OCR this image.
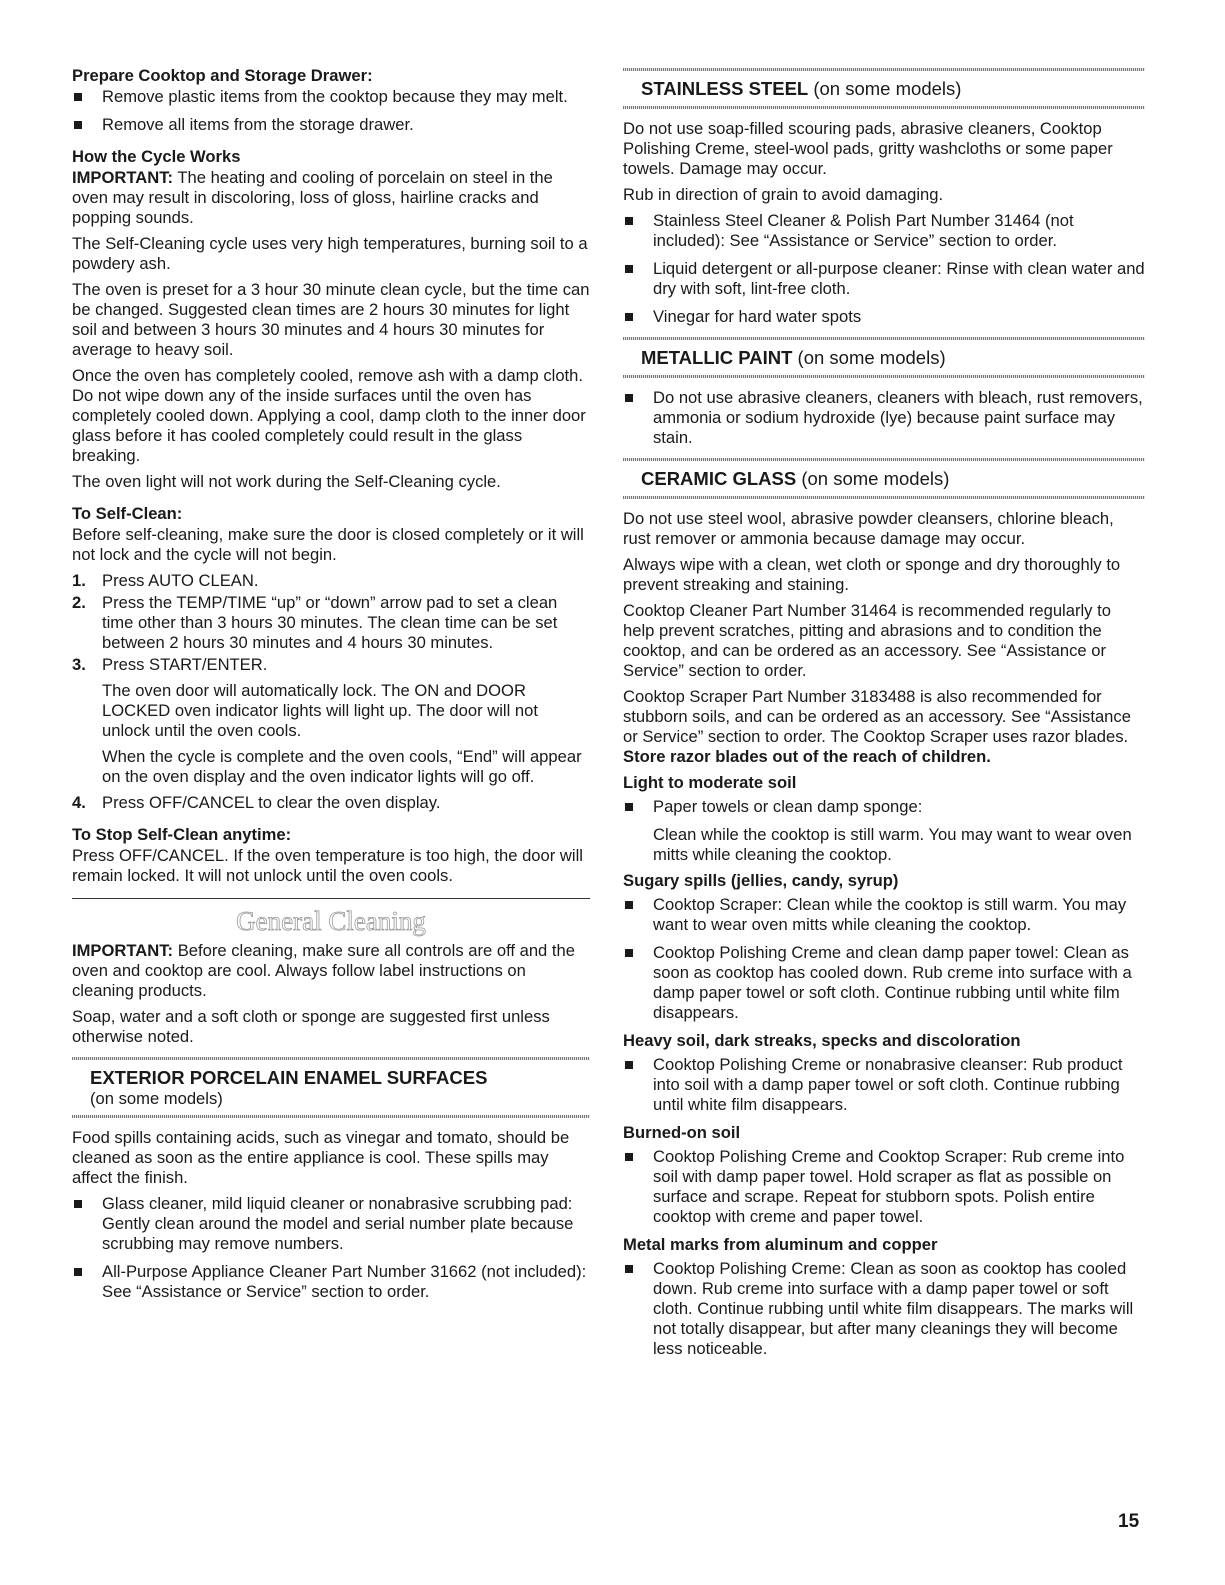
Prepare Cooktop and Storage Drawer:
Remove plastic items from the cooktop because they may melt.
Remove all items from the storage drawer.
How the Cycle Works

IMPORTANT: The heating and cooling of porcelain on steel in the oven may result in discoloring, loss of gloss, hairline cracks and popping sounds.

The Self-Cleaning cycle uses very high temperatures, burning soil to a powdery ash.

The oven is preset for a 3 hour 30 minute clean cycle, but the time can be changed. Suggested clean times are 2 hours 30 minutes for light soil and between 3 hours 30 minutes and 4 hours 30 minutes for average to heavy soil.

Once the oven has completely cooled, remove ash with a damp cloth. Do not wipe down any of the inside surfaces until the oven has completely cooled down. Applying a cool, damp cloth to the inner door glass before it has cooled completely could result in the glass breaking.

The oven light will not work during the Self-Cleaning cycle.

To Self-Clean:

Before self-cleaning, make sure the door is closed completely or it will not lock and the cycle will not begin.

1. Press AUTO CLEAN.
2. Press the TEMP/TIME “up” or “down” arrow pad to set a clean time other than 3 hours 30 minutes. The clean time can be set between 2 hours 30 minutes and 4 hours 30 minutes.
3. Press START/ENTER.

The oven door will automatically lock. The ON and DOOR LOCKED oven indicator lights will light up. The door will not unlock until the oven cools.

When the cycle is complete and the oven cools, “End” will appear on the oven display and the oven indicator lights will go off.

4. Press OFF/CANCEL to clear the oven display.
To Stop Self-Clean anytime:

Press OFF/CANCEL. If the oven temperature is too high, the door will remain locked. It will not unlock until the oven cools.

General Cleaning

IMPORTANT: Before cleaning, make sure all controls are off and the oven and cooktop are cool. Always follow label instructions on cleaning products.

Soap, water and a soft cloth or sponge are suggested first unless otherwise noted.

EXTERIOR PORCELAIN ENAMEL SURFACES
(on some models)

Food spills containing acids, such as vinegar and tomato, should be cleaned as soon as the entire appliance is cool. These spills may affect the finish.

Glass cleaner, mild liquid cleaner or nonabrasive scrubbing pad: Gently clean around the model and serial number plate because scrubbing may remove numbers.
All-Purpose Appliance Cleaner Part Number 31662 (not included):
See “Assistance or Service” section to order.
STAINLESS STEEL (on some models)

Do not use soap-filled scouring pads, abrasive cleaners, Cooktop Polishing Creme, steel-wool pads, gritty washcloths or some paper towels. Damage may occur.

Rub in direction of grain to avoid damaging.

Stainless Steel Cleaner & Polish Part Number 31464 (not included): See “Assistance or Service” section to order.
Liquid detergent or all-purpose cleaner: Rinse with clean water and dry with soft, lint-free cloth.
Vinegar for hard water spots
METALLIC PAINT (on some models)
Do not use abrasive cleaners, cleaners with bleach, rust removers, ammonia or sodium hydroxide (lye) because paint surface may stain.
CERAMIC GLASS (on some models)

Do not use steel wool, abrasive powder cleansers, chlorine bleach, rust remover or ammonia because damage may occur.

Always wipe with a clean, wet cloth or sponge and dry thoroughly to prevent streaking and staining.

Cooktop Cleaner Part Number 31464 is recommended regularly to help prevent scratches, pitting and abrasions and to condition the cooktop, and can be ordered as an accessory. See “Assistance or Service” section to order.

Cooktop Scraper Part Number 3183488 is also recommended for stubborn soils, and can be ordered as an accessory. See “Assistance or Service” section to order. The Cooktop Scraper uses razor blades. Store razor blades out of the reach of children.

Light to moderate soil
Paper towels or clean damp sponge:

Clean while the cooktop is still warm. You may want to wear oven mitts while cleaning the cooktop.

Sugary spills (jellies, candy, syrup)
Cooktop Scraper: Clean while the cooktop is still warm. You may want to wear oven mitts while cleaning the cooktop.
Cooktop Polishing Creme and clean damp paper towel: Clean as soon as cooktop has cooled down. Rub creme into surface with a damp paper towel or soft cloth. Continue rubbing until white film disappears.
Heavy soil, dark streaks, specks and discoloration
Cooktop Polishing Creme or nonabrasive cleanser: Rub product into soil with a damp paper towel or soft cloth. Continue rubbing until white film disappears.
Burned-on soil
Cooktop Polishing Creme and Cooktop Scraper: Rub creme into soil with damp paper towel. Hold scraper as flat as possible on surface and scrape. Repeat for stubborn spots. Polish entire cooktop with creme and paper towel.
Metal marks from aluminum and copper
Cooktop Polishing Creme: Clean as soon as cooktop has cooled down. Rub creme into surface with a damp paper towel or soft cloth. Continue rubbing until white film disappears. The marks will not totally disappear, but after many cleanings they will become less noticeable.
15
